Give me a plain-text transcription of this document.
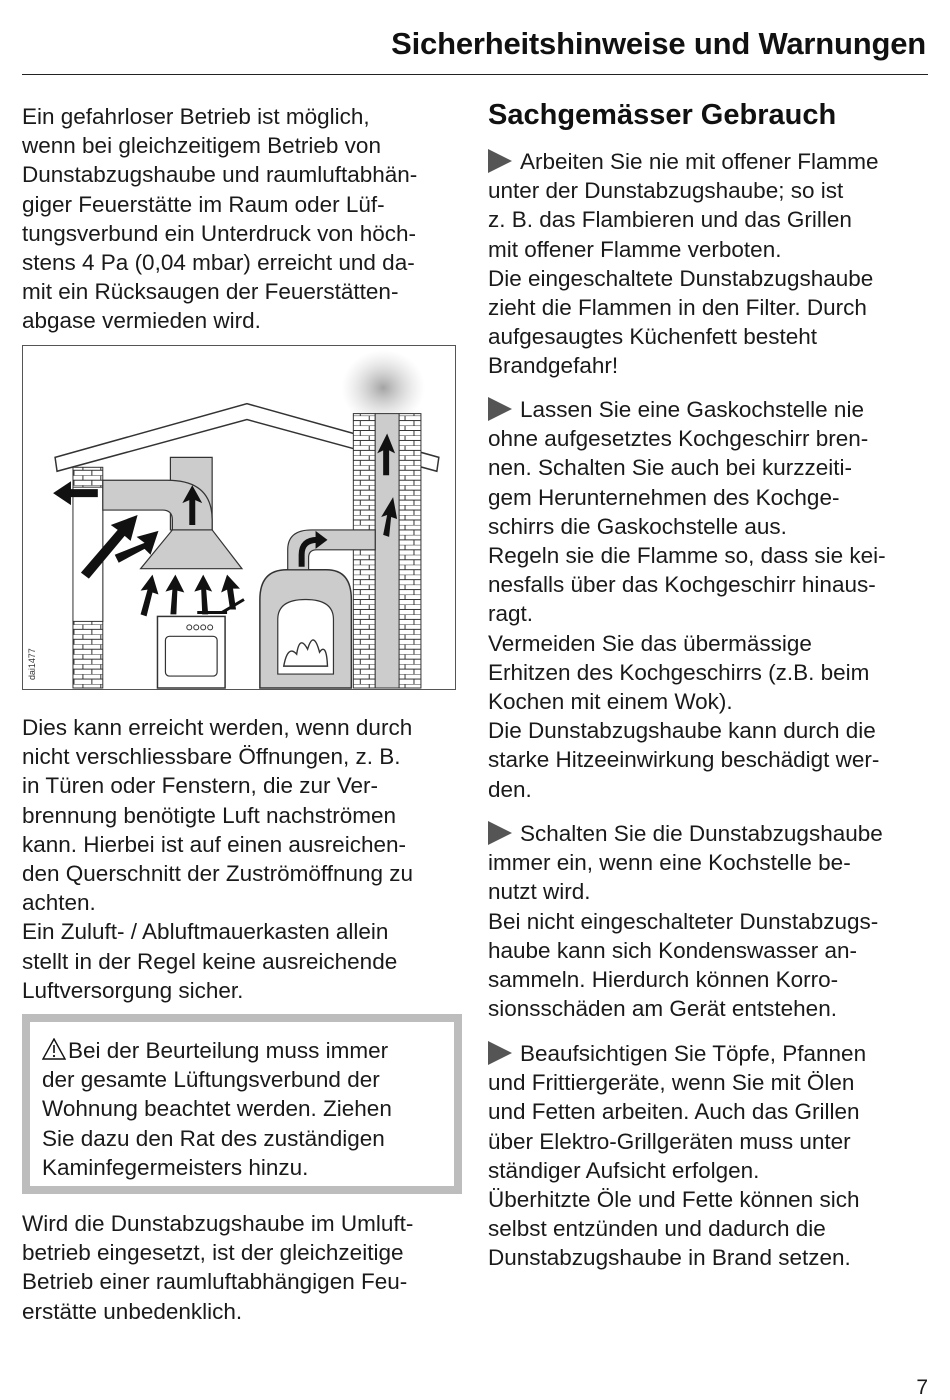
Sicherheitshinweise und Warnungen
Ein gefahrloser Betrieb ist möglich,
wenn bei gleichzeitigem Betrieb von
Dunstabzugshaube und raumluftabhän-
giger Feuerstätte im Raum oder Lüf-
tungsverbund ein Unterdruck von höch-
stens 4 Pa (0,04 mbar) erreicht und da-
mit ein Rücksaugen der Feuerstätten-
abgase vermieden wird.
dai1477
Dies kann erreicht werden, wenn durch
nicht verschliessbare Öffnungen, z. B.
in Türen oder Fenstern, die zur Ver-
brennung benötigte Luft nachströmen
kann. Hierbei ist auf einen ausreichen-
den Querschnitt der Zuströmöffnung zu
achten.
Ein Zuluft- / Abluftmauerkasten allein
stellt in der Regel keine ausreichende
Luftversorgung sicher.
Bei der Beurteilung muss immer
der gesamte Lüftungsverbund der
Wohnung beachtet werden. Ziehen
Sie dazu den Rat des zuständigen
Kaminfegermeisters hinzu.
Wird die Dunstabzugshaube im Umluft-
betrieb eingesetzt, ist der gleichzeitige
Betrieb einer raumluftabhängigen Feu-
erstätte unbedenklich.
Sachgemässer Gebrauch
Arbeiten Sie nie mit offener Flamme
unter der Dunstabzugshaube; so ist
z. B. das Flambieren und das Grillen
mit offener Flamme verboten.
Die eingeschaltete Dunstabzugshaube
zieht die Flammen in den Filter. Durch
aufgesaugtes Küchenfett besteht
Brandgefahr!
Lassen Sie eine Gaskochstelle nie
ohne aufgesetztes Kochgeschirr bren-
nen. Schalten Sie auch bei kurzzeiti-
gem Herunternehmen des Kochge-
schirrs die Gaskochstelle aus.
Regeln sie die Flamme so, dass sie kei-
nesfalls über das Kochgeschirr hinaus-
ragt.
Vermeiden Sie das übermässige
Erhitzen des Kochgeschirrs (z.B. beim
Kochen mit einem Wok).
Die Dunstabzugshaube kann durch die
starke Hitzeeinwirkung beschädigt wer-
den.
Schalten Sie die Dunstabzugshaube
immer ein, wenn eine Kochstelle be-
nutzt wird.
Bei nicht eingeschalteter Dunstabzugs-
haube kann sich Kondenswasser an-
sammeln. Hierdurch können Korro-
sionsschäden am Gerät entstehen.
Beaufsichtigen Sie Töpfe, Pfannen
und Frittiergeräte, wenn Sie mit Ölen
und Fetten arbeiten. Auch das Grillen
über Elektro-Grillgeräten muss unter
ständiger Aufsicht erfolgen.
Überhitzte Öle und Fette können sich
selbst entzünden und dadurch die
Dunstabzugshaube in Brand setzen.
7
